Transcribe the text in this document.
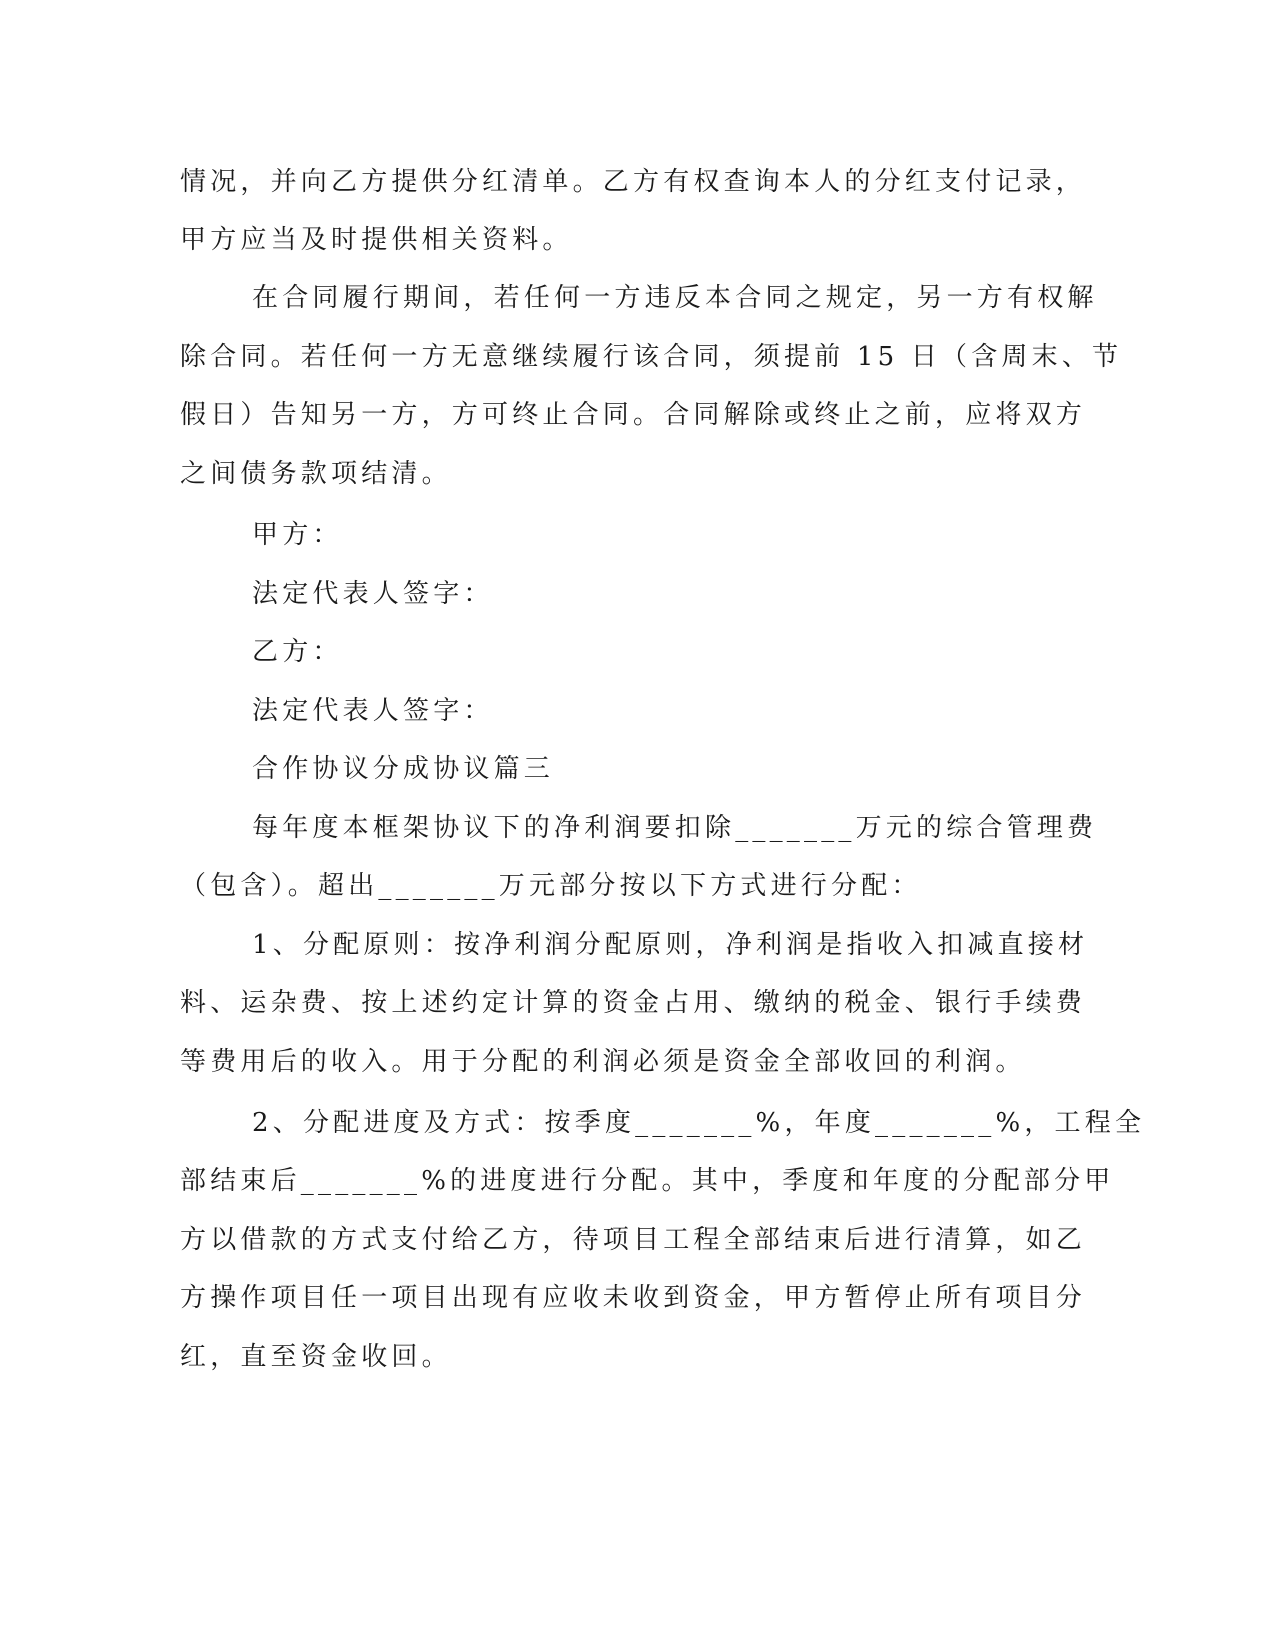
情况，并向乙方提供分红清单。乙方有权查询本人的分红支付记录，
甲方应当及时提供相关资料。
在合同履行期间，若任何一方违反本合同之规定，另一方有权解
除合同。若任何一方无意继续履行该合同，须提前 15 日（含周末、节
假日）告知另一方，方可终止合同。合同解除或终止之前，应将双方
之间债务款项结清。
甲方：
法定代表人签字：
乙方：
法定代表人签字：
合作协议分成协议篇三
每年度本框架协议下的净利润要扣除_______万元的综合管理费
（包含）。超出_______万元部分按以下方式进行分配：
1、分配原则：按净利润分配原则，净利润是指收入扣减直接材
料、运杂费、按上述约定计算的资金占用、缴纳的税金、银行手续费
等费用后的收入。用于分配的利润必须是资金全部收回的利润。
2、分配进度及方式：按季度_______%，年度_______%，工程全
部结束后_______%的进度进行分配。其中，季度和年度的分配部分甲
方以借款的方式支付给乙方，待项目工程全部结束后进行清算，如乙
方操作项目任一项目出现有应收未收到资金，甲方暂停止所有项目分
红，直至资金收回。
